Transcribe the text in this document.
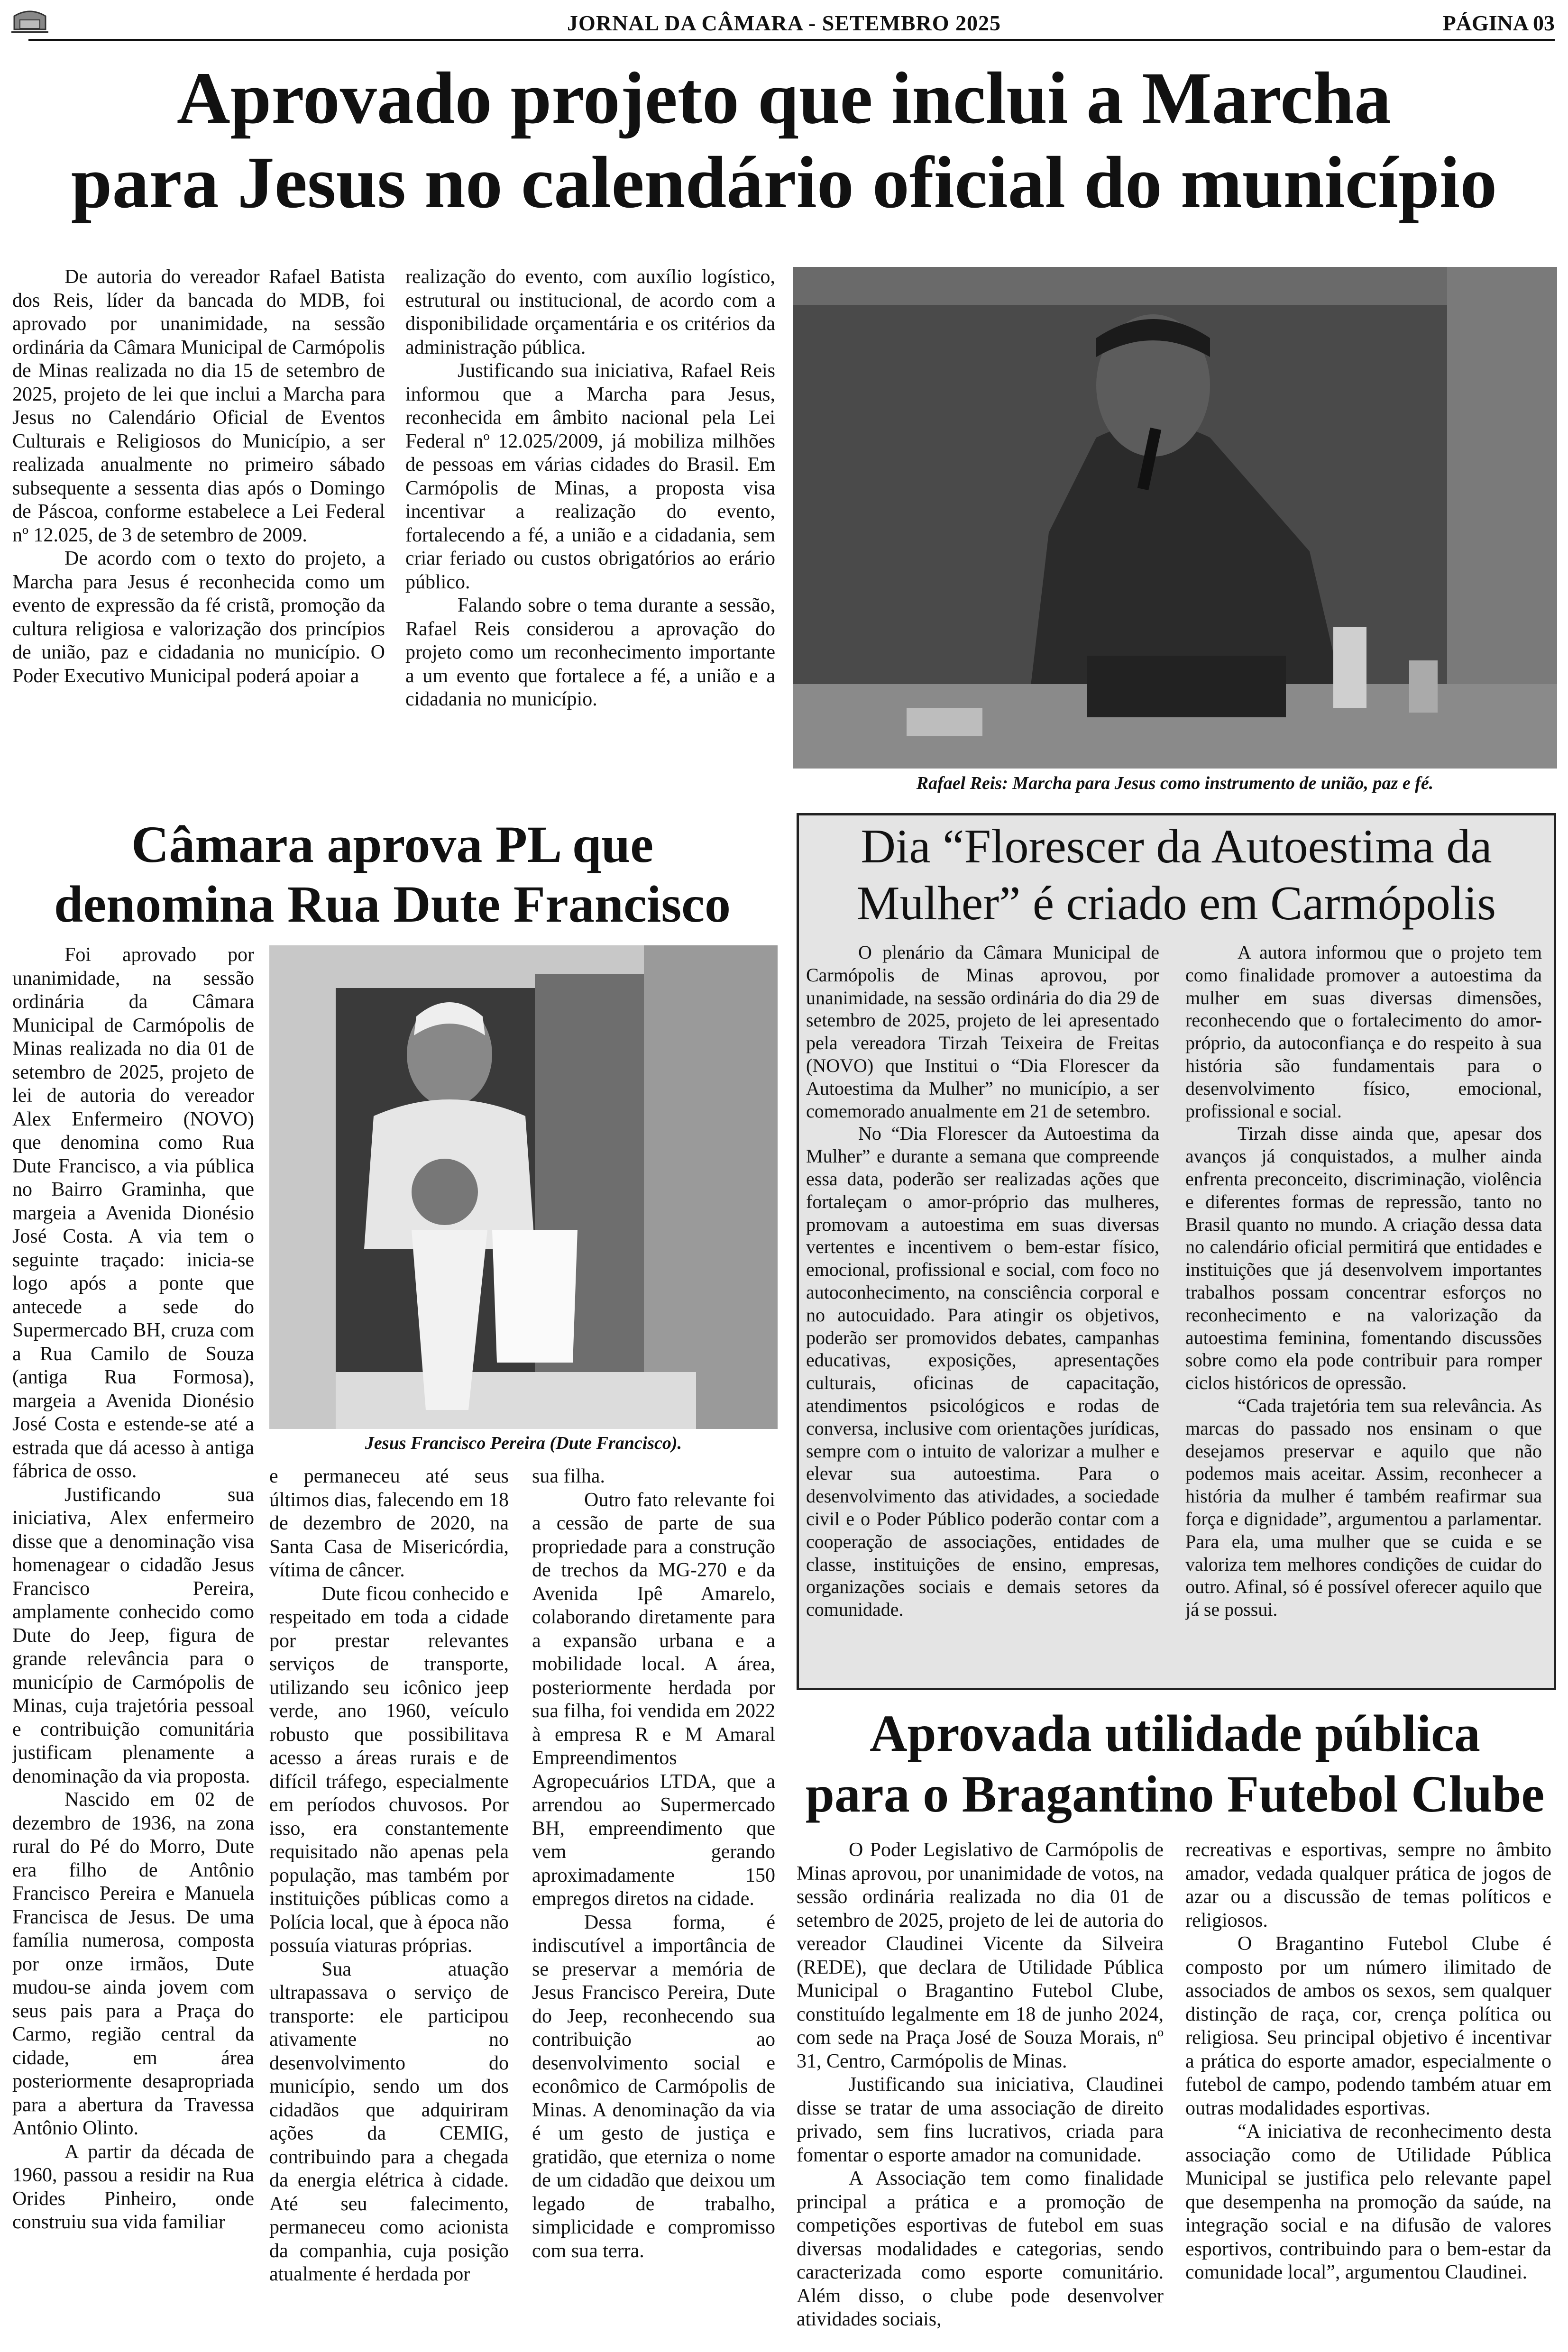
JORNAL DA CÂMARA - SETEMBRO 2025	PÁGINA 03
Aprovado projeto que inclui a Marcha
para Jesus no calendário oficial do município

De autoria do vereador Rafael Batista dos Reis, líder da bancada do MDB, foi aprovado por unanimidade, na sessão ordinária da Câmara Municipal de Carmópolis de Minas realizada no dia 15 de setembro de 2025, projeto de lei que inclui a Marcha para Jesus no Calendário Oficial de Eventos Culturais e Religiosos do Município, a ser realizada anualmente no primeiro sábado subsequente a sessenta dias após o Domingo de Páscoa, conforme estabelece a Lei Federal nº 12.025, de 3 de setembro de 2009.

De acordo com o texto do projeto, a Marcha para Jesus é reconhecida como um evento de expressão da fé cristã, promoção da cultura religiosa e valorização dos princípios de união, paz e cidadania no município. O Poder Executivo Municipal poderá apoiar a

realização do evento, com auxílio logístico, estrutural ou institucional, de acordo com a disponibilidade orçamentária e os critérios da administração pública.

Justificando sua iniciativa, Rafael Reis informou que a Marcha para Jesus, reconhecida em âmbito nacional pela Lei Federal nº 12.025/2009, já mobiliza milhões de pessoas em várias cidades do Brasil. Em Carmópolis de Minas, a proposta visa incentivar a realização do evento, fortalecendo a fé, a união e a cidadania, sem criar feriado ou custos obrigatórios ao erário público.

Falando sobre o tema durante a sessão, Rafael Reis considerou a aprovação do projeto como um reconhecimento importante a um evento que fortalece a fé, a união e a cidadania no município.

Rafael Reis: Marcha para Jesus como instrumento de união, paz e fé.
Câmara aprova PL que
denomina Rua Dute Francisco
Jesus Francisco Pereira (Dute Francisco).

Foi aprovado por unanimidade, na sessão ordinária da Câmara Municipal de Carmópolis de Minas realizada no dia 01 de setembro de 2025, projeto de lei de autoria do vereador Alex Enfermeiro (NOVO) que denomina como Rua Dute Francisco, a via pública no Bairro Graminha, que margeia a Avenida Dionésio José Costa. A via tem o seguinte traçado: inicia-se logo após a ponte que antecede a sede do Supermercado BH, cruza com a Rua Camilo de Souza (antiga Rua Formosa), margeia a Avenida Dionésio José Costa e estende-se até a estrada que dá acesso à antiga fábrica de osso.

Justificando sua iniciativa, Alex enfermeiro disse que a denominação visa homenagear o cidadão Jesus Francisco Pereira, amplamente conhecido como Dute do Jeep, figura de grande relevância para o município de Carmópolis de Minas, cuja trajetória pessoal e contribuição comunitária justificam plenamente a denominação da via proposta.

Nascido em 02 de dezembro de 1936, na zona rural do Pé do Morro, Dute era filho de Antônio Francisco Pereira e Manuela Francisca de Jesus. De uma família numerosa, composta por onze irmãos, Dute mudou-se ainda jovem com seus pais para a Praça do Carmo, região central da cidade, em área posteriormente desapropriada para a abertura da Travessa Antônio Olinto.

A partir da década de 1960, passou a residir na Rua Orides Pinheiro, onde construiu sua vida familiar

e permaneceu até seus últimos dias, falecendo em 18 de dezembro de 2020, na Santa Casa de Misericórdia, vítima de câncer.

Dute ficou conhecido e respeitado em toda a cidade por prestar relevantes serviços de transporte, utilizando seu icônico jeep verde, ano 1960, veículo robusto que possibilitava acesso a áreas rurais e de difícil tráfego, especialmente em períodos chuvosos. Por isso, era constantemente requisitado não apenas pela população, mas também por instituições públicas como a Polícia local, que à época não possuía viaturas próprias.

Sua atuação ultrapassava o serviço de transporte: ele participou ativamente no desenvolvimento do município, sendo um dos cidadãos que adquiriram ações da CEMIG, contribuindo para a chegada da energia elétrica à cidade. Até seu falecimento, permaneceu como acionista da companhia, cuja posição atualmente é herdada por

sua filha.

Outro fato relevante foi a cessão de parte de sua propriedade para a construção de trechos da MG-270 e da Avenida Ipê Amarelo, colaborando diretamente para a expansão urbana e a mobilidade local. A área, posteriormente herdada por sua filha, foi vendida em 2022 à empresa R e M Amaral Empreendimentos Agropecuários LTDA, que a arrendou ao Supermercado BH, empreendimento que vem gerando aproximadamente 150 empregos diretos na cidade.

Dessa forma, é indiscutível a importância de se preservar a memória de Jesus Francisco Pereira, Dute do Jeep, reconhecendo sua contribuição ao desenvolvimento social e econômico de Carmópolis de Minas. A denominação da via é um gesto de justiça e gratidão, que eterniza o nome de um cidadão que deixou um legado de trabalho, simplicidade e compromisso com sua terra.

Dia “Florescer da Autoestima da
Mulher” é criado em Carmópolis

O plenário da Câmara Municipal de Carmópolis de Minas aprovou, por unanimidade, na sessão ordinária do dia 29 de setembro de 2025, projeto de lei apresentado pela vereadora Tirzah Teixeira de Freitas (NOVO) que Institui o “Dia Florescer da Autoestima da Mulher” no município, a ser comemorado anualmente em 21 de setembro.

No “Dia Florescer da Autoestima da Mulher” e durante a semana que compreende essa data, poderão ser realizadas ações que fortaleçam o amor-próprio das mulheres, promovam a autoestima em suas diversas vertentes e incentivem o bem-estar físico, emocional, profissional e social, com foco no autoconhecimento, na consciência corporal e no autocuidado. Para atingir os objetivos, poderão ser promovidos debates, campanhas educativas, exposições, apresentações culturais, oficinas de capacitação, atendimentos psicológicos e rodas de conversa, inclusive com orientações jurídicas, sempre com o intuito de valorizar a mulher e elevar sua autoestima. Para o desenvolvimento das atividades, a sociedade civil e o Poder Público poderão contar com a cooperação de associações, entidades de classe, instituições de ensino, empresas, organizações sociais e demais setores da comunidade.

A autora informou que o projeto tem como finalidade promover a autoestima da mulher em suas diversas dimensões, reconhecendo que o fortalecimento do amor-próprio, da autoconfiança e do respeito à sua história são fundamentais para o desenvolvimento físico, emocional, profissional e social.

Tirzah disse ainda que, apesar dos avanços já conquistados, a mulher ainda enfrenta preconceito, discriminação, violência e diferentes formas de repressão, tanto no Brasil quanto no mundo. A criação dessa data no calendário oficial permitirá que entidades e instituições que já desenvolvem importantes trabalhos possam concentrar esforços no reconhecimento e na valorização da autoestima feminina, fomentando discussões sobre como ela pode contribuir para romper ciclos históricos de opressão.

“Cada trajetória tem sua relevância. As marcas do passado nos ensinam o que desejamos preservar e aquilo que não podemos mais aceitar. Assim, reconhecer a história da mulher é também reafirmar sua força e dignidade”, argumentou a parlamentar. Para ela, uma mulher que se cuida e se valoriza tem melhores condições de cuidar do outro. Afinal, só é possível oferecer aquilo que já se possui.

Aprovada utilidade pública
para o Bragantino Futebol Clube

O Poder Legislativo de Carmópolis de Minas aprovou, por unanimidade de votos, na sessão ordinária realizada no dia 01 de setembro de 2025, projeto de lei de autoria do vereador Claudinei Vicente da Silveira (REDE), que declara de Utilidade Pública Municipal o Bragantino Futebol Clube, constituído legalmente em 18 de junho 2024, com sede na Praça José de Souza Morais, nº 31, Centro, Carmópolis de Minas.

Justificando sua iniciativa, Claudinei disse se tratar de uma associação de direito privado, sem fins lucrativos, criada para fomentar o esporte amador na comunidade.

A Associação tem como finalidade principal a prática e a promoção de competições esportivas de futebol em suas diversas modalidades e categorias, sendo caracterizada como esporte comunitário. Além disso, o clube pode desenvolver atividades sociais,

recreativas e esportivas, sempre no âmbito amador, vedada qualquer prática de jogos de azar ou a discussão de temas políticos e religiosos.

O Bragantino Futebol Clube é composto por um número ilimitado de associados de ambos os sexos, sem qualquer distinção de raça, cor, crença política ou religiosa. Seu principal objetivo é incentivar a prática do esporte amador, especialmente o futebol de campo, podendo também atuar em outras modalidades esportivas.

“A iniciativa de reconhecimento desta associação como de Utilidade Pública Municipal se justifica pelo relevante papel que desempenha na promoção da saúde, na integração social e na difusão de valores esportivos, contribuindo para o bem-estar da comunidade local”, argumentou Claudinei.
